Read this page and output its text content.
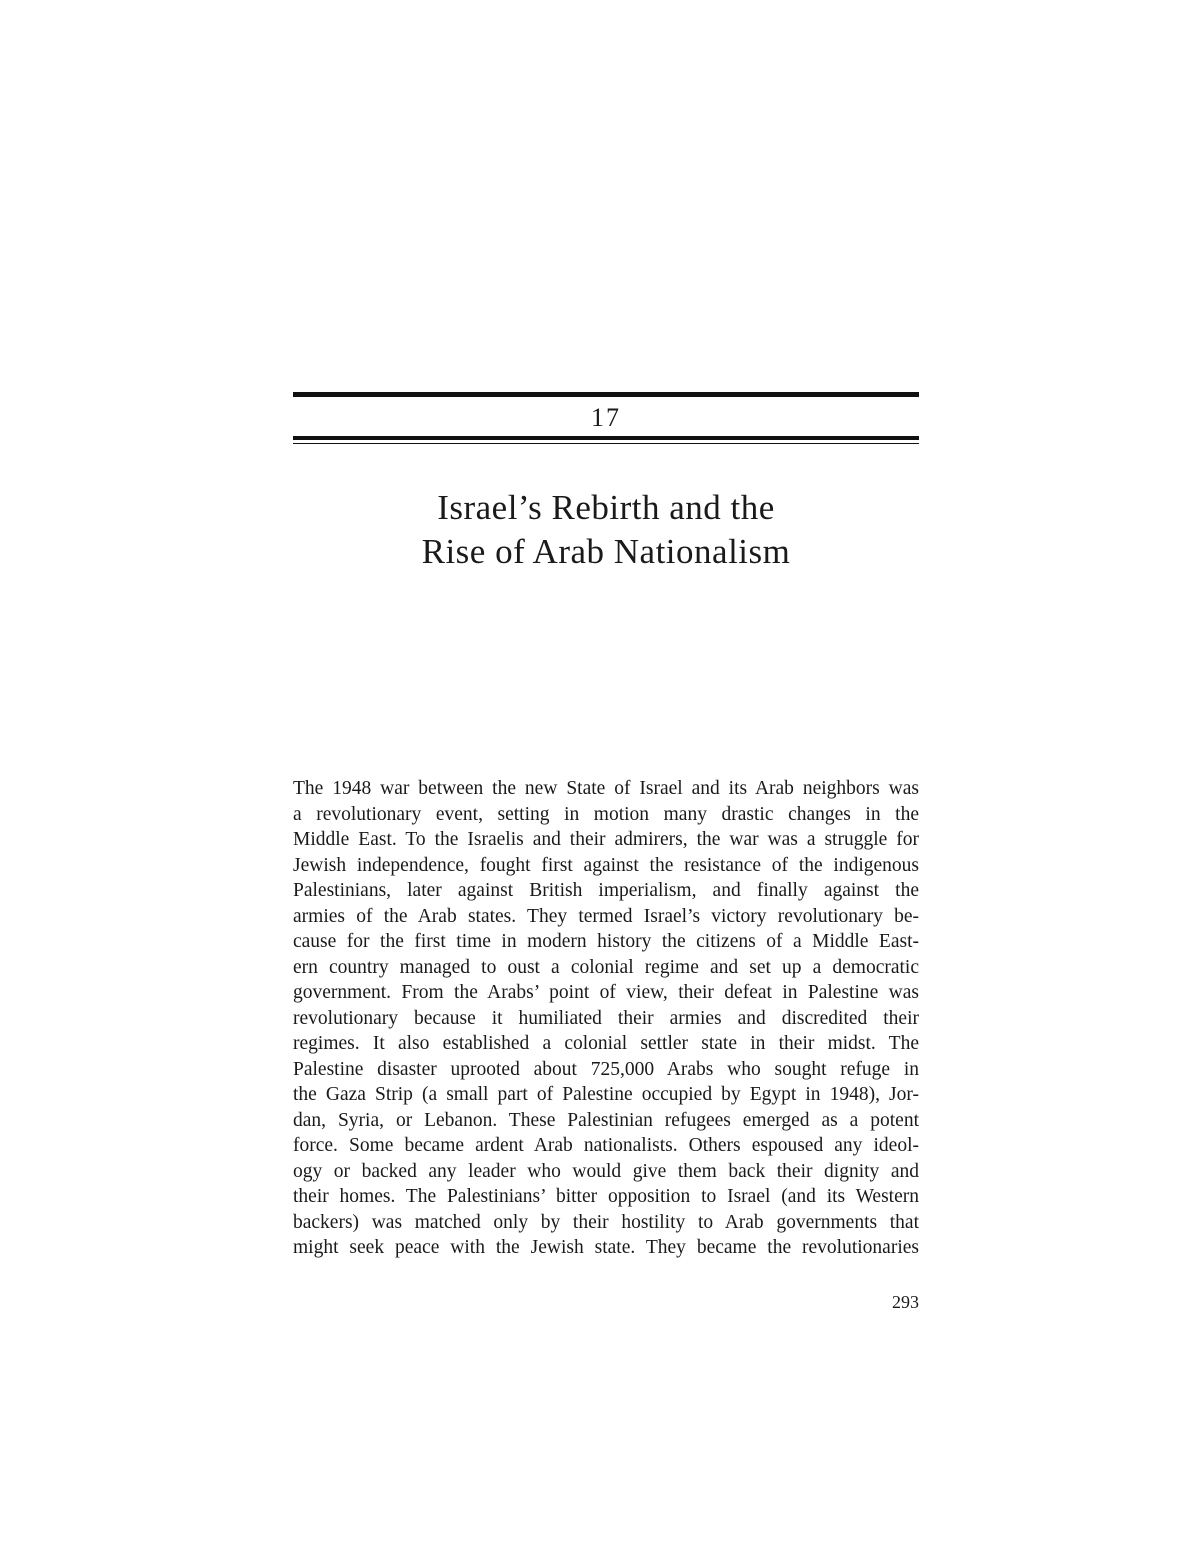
17
Israel’s Rebirth and the
Rise of Arab Nationalism

The 1948 war between the new State of Israel and its Arab neighbors was
a revolutionary event, setting in motion many drastic changes in the
Middle East. To the Israelis and their admirers, the war was a struggle for
Jewish independence, fought first against the resistance of the indigenous
Palestinians, later against British imperialism, and finally against the
armies of the Arab states. They termed Israel’s victory revolutionary be-
cause for the first time in modern history the citizens of a Middle East-
ern country managed to oust a colonial regime and set up a democratic
government. From the Arabs’ point of view, their defeat in Palestine was
revolutionary because it humiliated their armies and discredited their
regimes. It also established a colonial settler state in their midst. The
Palestine disaster uprooted about 725,000 Arabs who sought refuge in
the Gaza Strip (a small part of Palestine occupied by Egypt in 1948), Jor-
dan, Syria, or Lebanon. These Palestinian refugees emerged as a potent
force. Some became ardent Arab nationalists. Others espoused any ideol-
ogy or backed any leader who would give them back their dignity and
their homes. The Palestinians’ bitter opposition to Israel (and its Western
backers) was matched only by their hostility to Arab governments that
might seek peace with the Jewish state. They became the revolutionaries

293
